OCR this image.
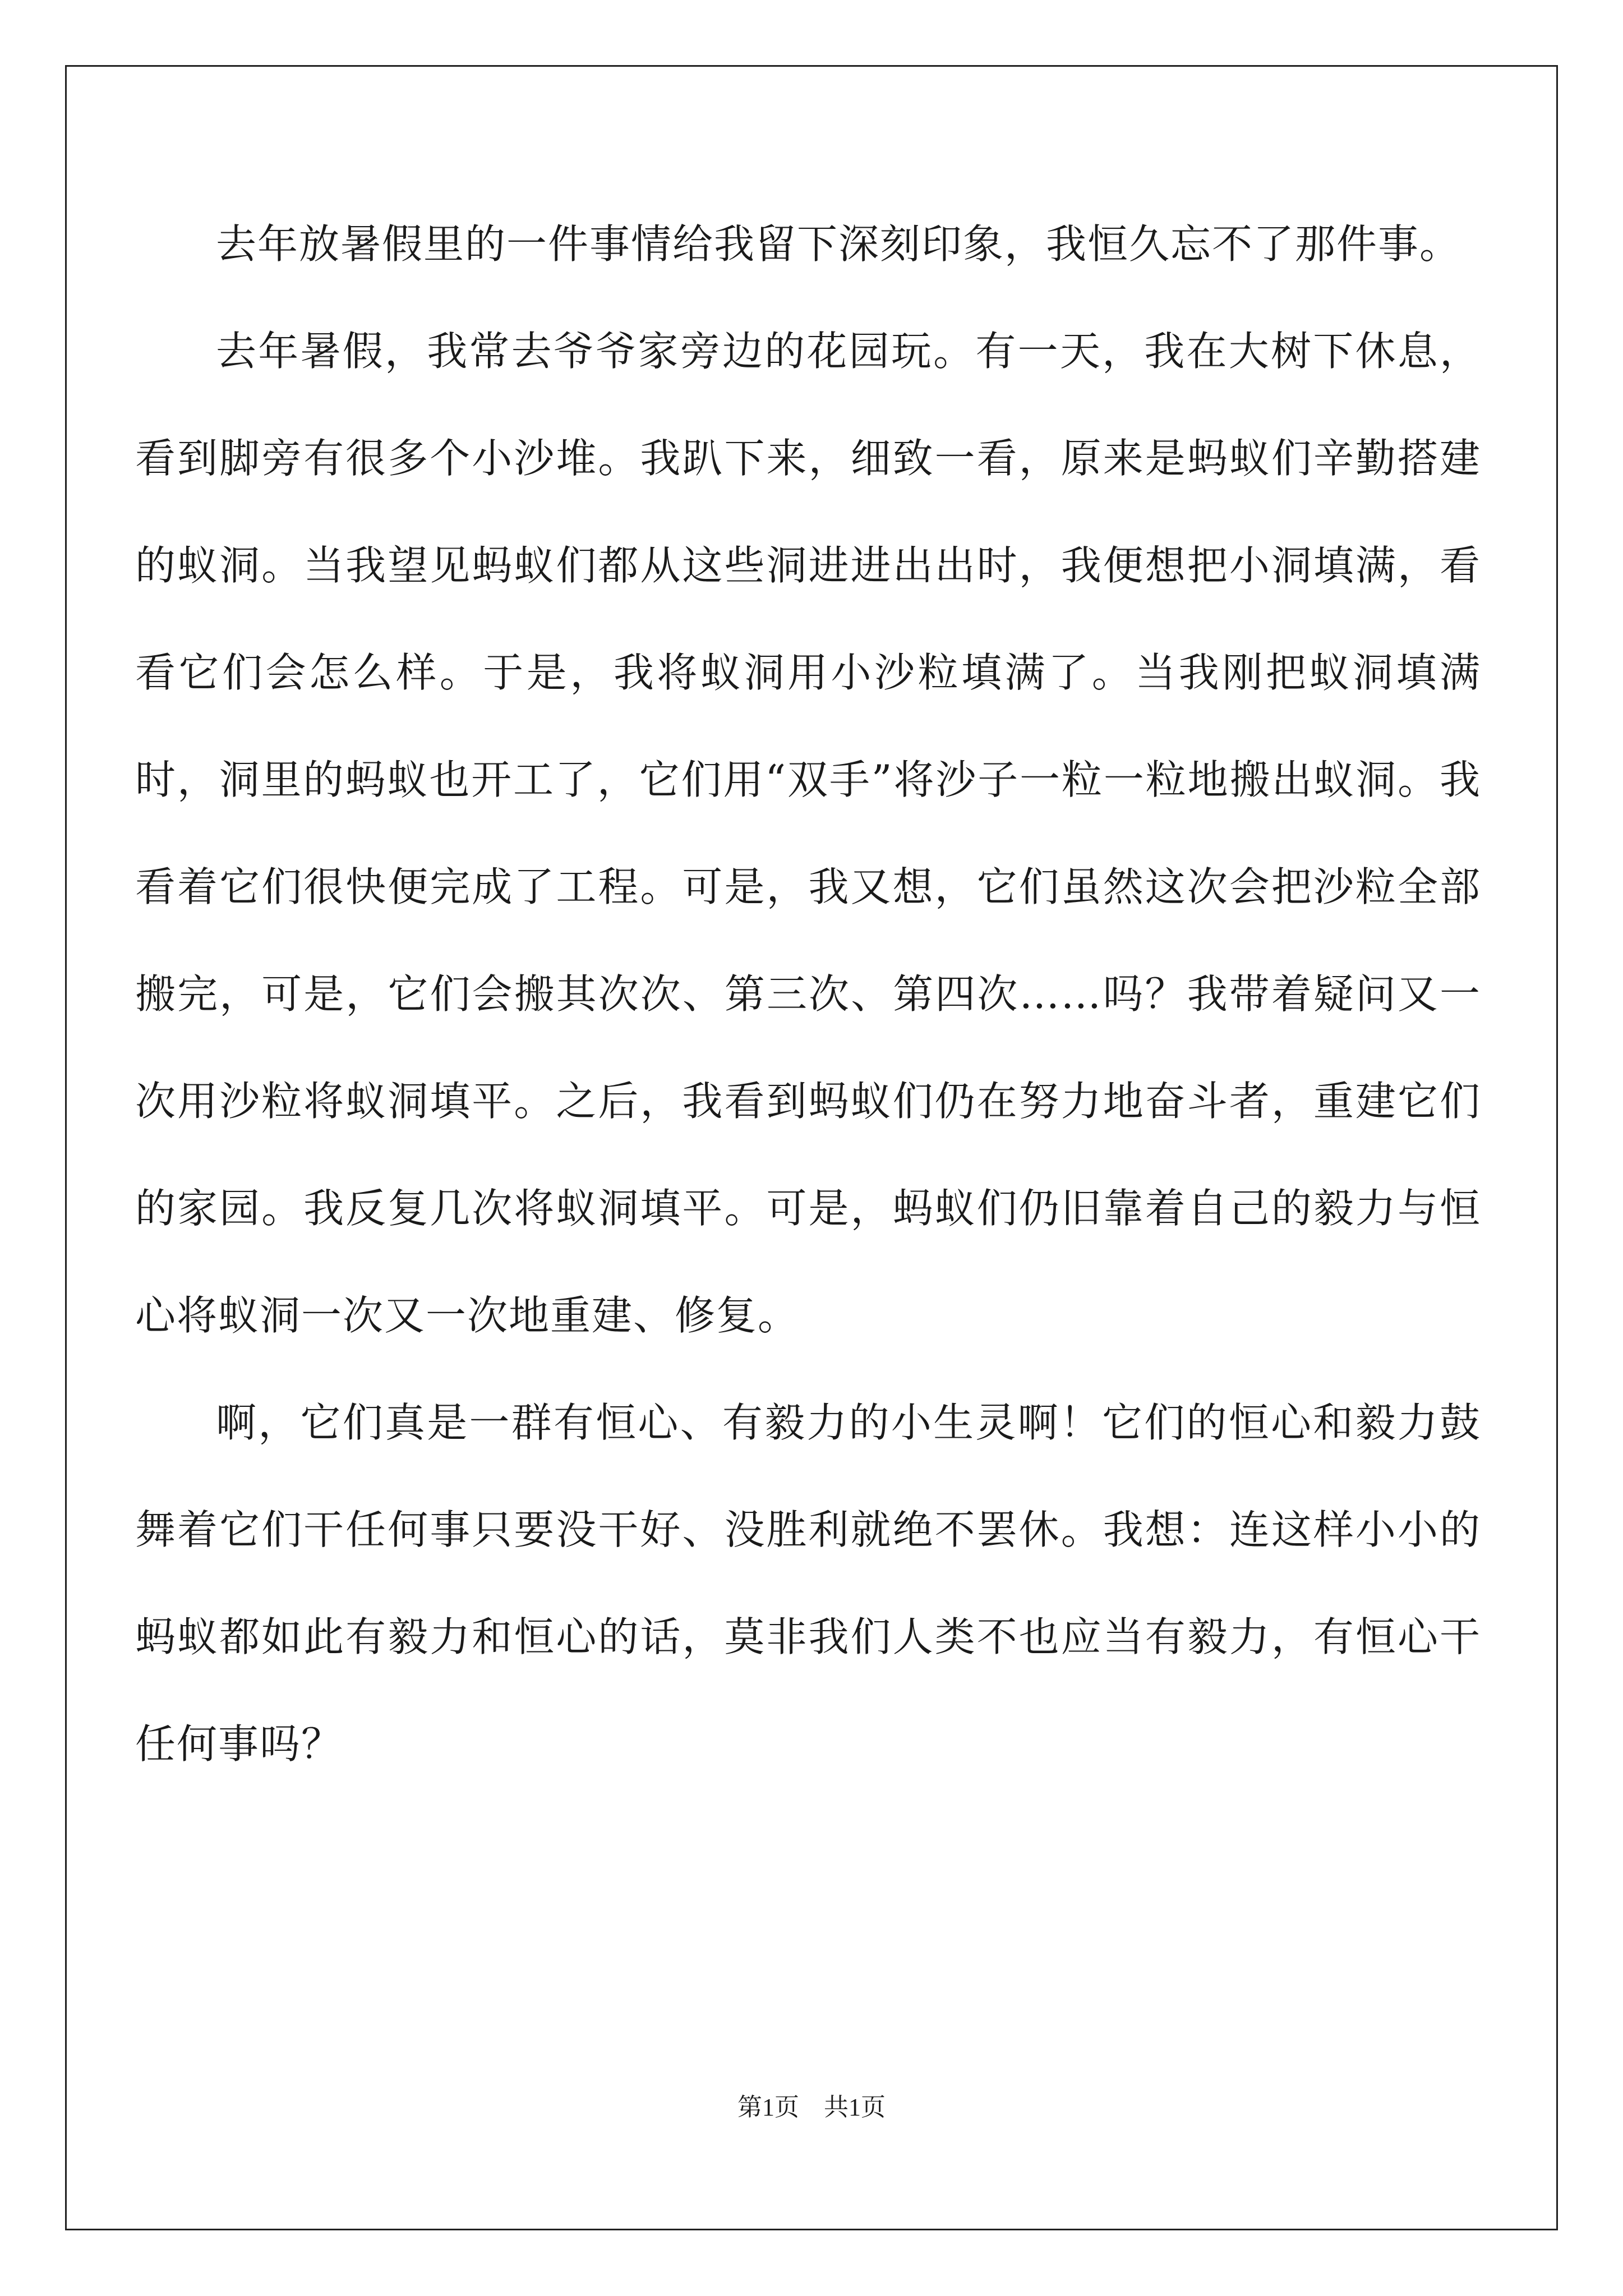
去年放暑假里的一件事情给我留下深刻印象，我恒久忘不了那件事。

去年暑假，我常去爷爷家旁边的花园玩。有一天，我在大树下休息，看到脚旁有很多个小沙堆。我趴下来，细致一看，原来是蚂蚁们辛勤搭建的蚁洞。当我望见蚂蚁们都从这些洞进进出出时，我便想把小洞填满，看看它们会怎么样。于是，我将蚁洞用小沙粒填满了。当我刚把蚁洞填满时，洞里的蚂蚁也开工了，它们用“双手”将沙子一粒一粒地搬出蚁洞。我看着它们很快便完成了工程。可是，我又想，它们虽然这次会把沙粒全部搬完，可是，它们会搬其次次、第三次、第四次……吗？我带着疑问又一次用沙粒将蚁洞填平。之后，我看到蚂蚁们仍在努力地奋斗者，重建它们的家园。我反复几次将蚁洞填平。可是，蚂蚁们仍旧靠着自己的毅力与恒心将蚁洞一次又一次地重建、修复。

啊，它们真是一群有恒心、有毅力的小生灵啊！它们的恒心和毅力鼓舞着它们干任何事只要没干好、没胜利就绝不罢休。我想：连这样小小的蚂蚁都如此有毅力和恒心的话，莫非我们人类不也应当有毅力，有恒心干任何事吗？

第1页　共1页
